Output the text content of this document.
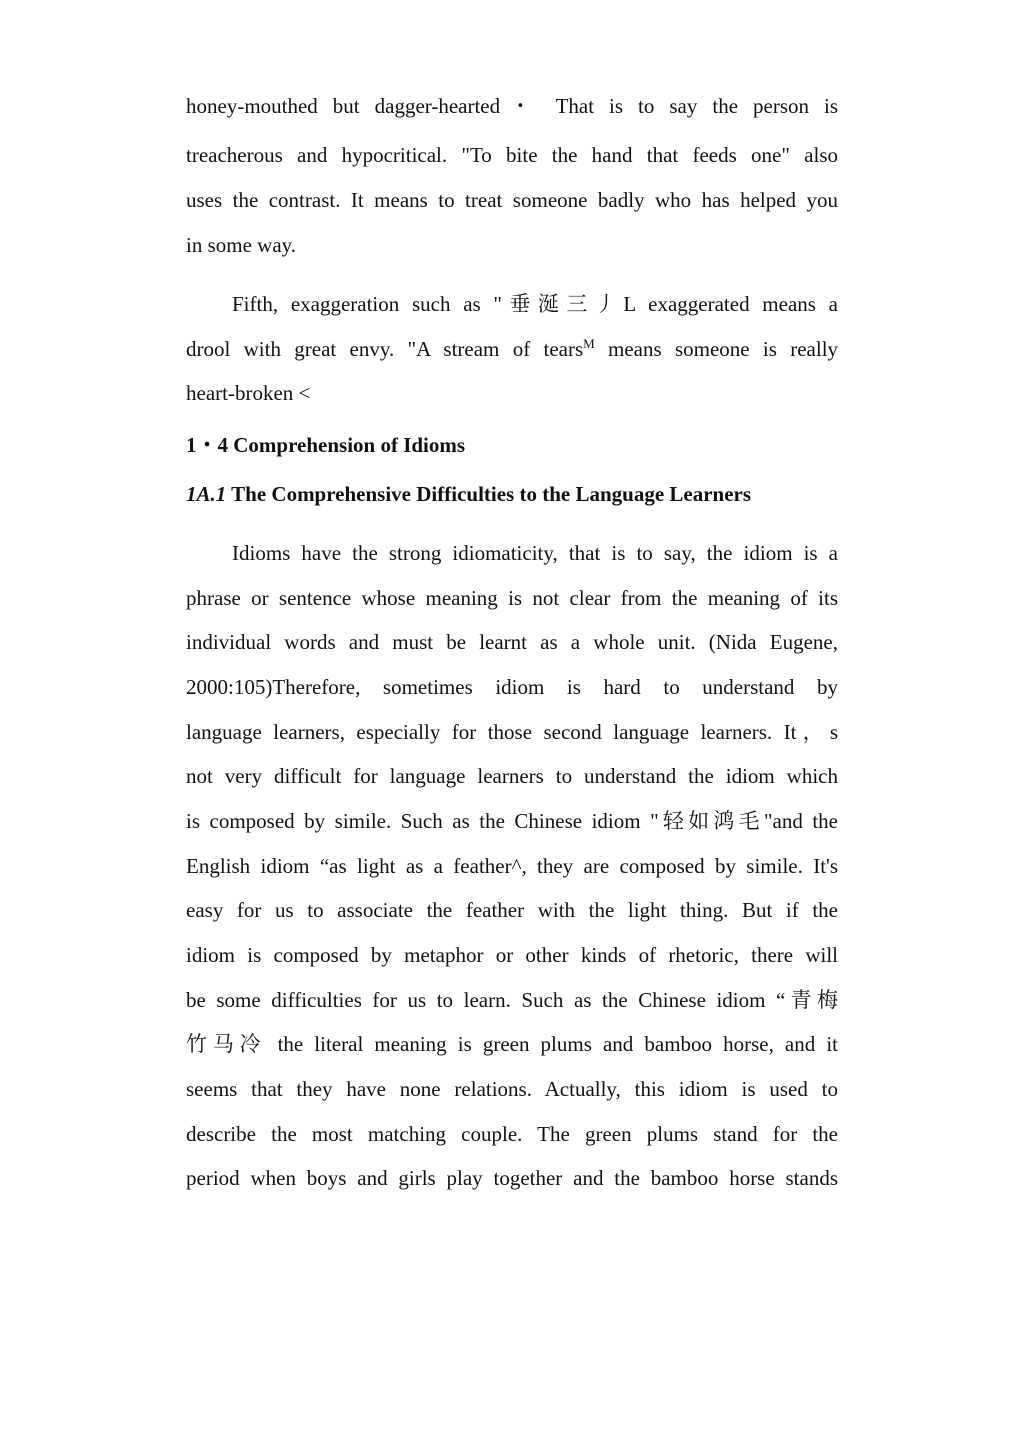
honey-mouthed but dagger-hearted・ That is to say the person is
treacherous and hypocritical. "To bite the hand that feeds one" also
uses the contrast. It means to treat someone badly who has helped you
in some way.
Fifth, exaggeration such as "垂涎三丿L exaggerated means a
drool with great envy. "A stream of tears$^M$ means someone is really
heart-broken <
1・4 Comprehension of Idioms
1A.1 The Comprehensive Difficulties to the Language Learners
Idioms have the strong idiomaticity, that is to say, the idiom is a
phrase or sentence whose meaning is not clear from the meaning of its
individual words and must be learnt as a whole unit. (Nida Eugene,
2000:105)Therefore, sometimes idiom is hard to understand by
language learners, especially for those second language learners. It，s
not very difficult for language learners to understand the idiom which
is composed by simile. Such as the Chinese idiom "轻如鸿毛"and the
English idiom “as light as a feather^, they are composed by simile. It's
easy for us to associate the feather with the light thing. But if the
idiom is composed by metaphor or other kinds of rhetoric, there will
be some difficulties for us to learn. Such as the Chinese idiom “青梅
竹马冷 the literal meaning is green plums and bamboo horse, and it
seems that they have none relations. Actually, this idiom is used to
describe the most matching couple. The green plums stand for the
period when boys and girls play together and the bamboo horse stands
